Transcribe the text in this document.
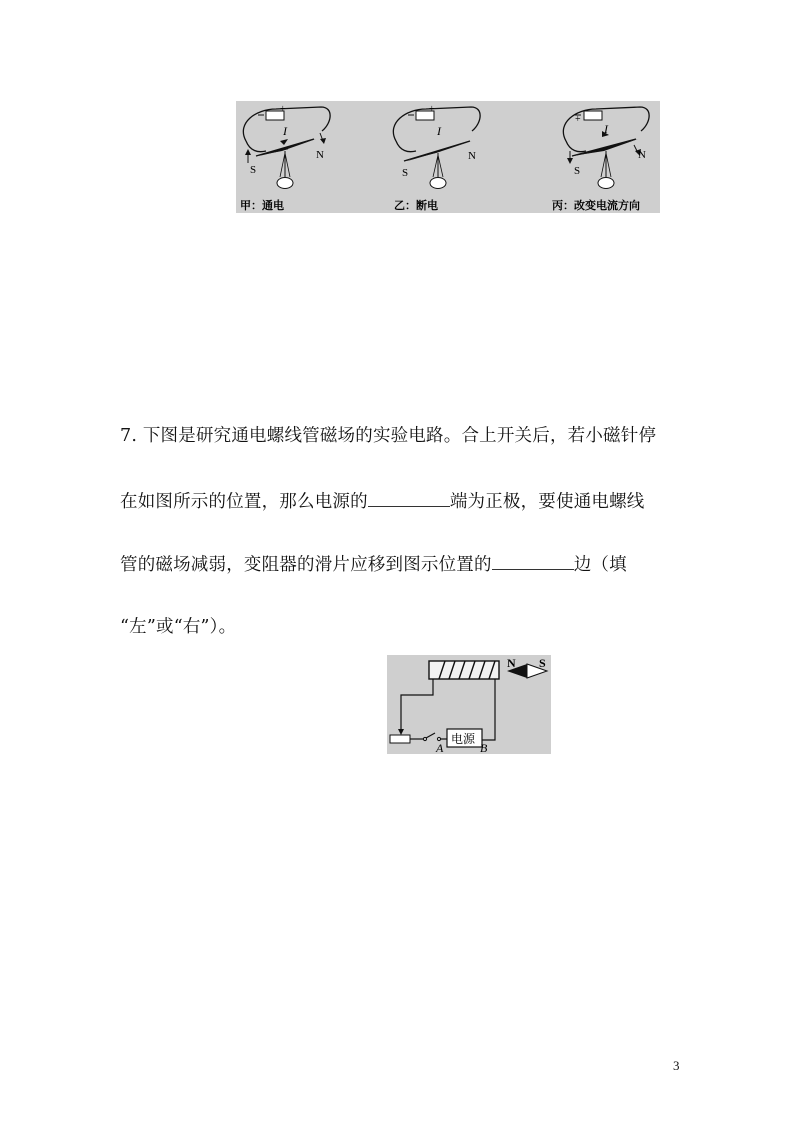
I
+
S
N
甲：通电
I
+
S
N
乙：断电
I
+
S
N
丙：改变电流方向
7. 下图是研究通电螺线管磁场的实验电路。合上开关后，若小磁针停
在如图所示的位置，那么电源的	端为正极，要使通电螺线
管的磁场减弱，变阻器的滑片应移到图示位置的	边（填
“左”或“右”）。
电源
A	B
N S
3
